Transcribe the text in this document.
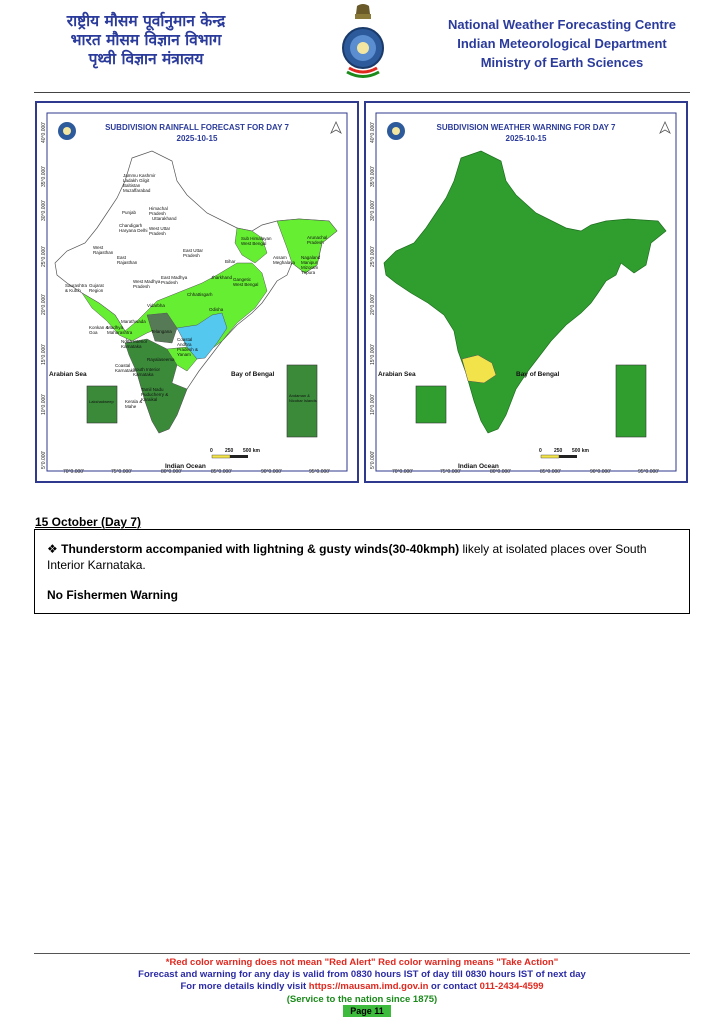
राष्ट्रीय मौसम पूर्वानुमान केन्द्र
भारत मौसम विज्ञान विभाग
पृथ्वी विज्ञान मंत्रालय
National Weather Forecasting Centre
Indian Meteorological Department
Ministry of Earth Sciences
SUBDIVISION RAINFALL FORECAST FOR DAY 7
2025-10-15
Arabian Sea	Bay of Bengal
Indian Ocean
Lakshadweep
Andaman & Nicobar Islands
Jammu Kashmir Ladakh Gilgit Baltistan Muzaffarabad
Himachal Pradesh
Punjab
Uttarakhand
Chandigarh Haryana Delhi West Uttar Pradesh
East Uttar Pradesh
West Rajasthan
East Rajasthan	Bihar
Sub Himalayan West Bengal
Arunachal Pradesh
Assam Meghalaya
Nagaland Manipur Mizoram Tripura
Gangetic West Bengal
Jharkhand
Odisha
Chhattisgarh
West Madhya Pradesh
East Madhya Pradesh
Gujarat Region
Saurashtra & Kutch
Vidarbha
Marathwada
Madhya Maharashtra
Konkan & Goa	Telangana
Coastal Andhra Pradesh & Yanam
North Interior Karnataka
Rayalaseema
Coastal Karnataka
South Interior Karnataka
Kerala & Mahe
Tamil Nadu Puducherry & Karaikal
0 250 500 km
5°0.000'
10°0.000'
15°0.000'
20°0.000'
25°0.000'
30°0.000'
35°0.000'
40°0.000'
70°0.000'	75°0.000'	80°0.000'	85°0.000'	90°0.000'	95°0.000'
SUBDIVISION WEATHER WARNING FOR DAY 7
2025-10-15
Arabian Sea	Bay of Bengal
Indian Ocean
0 250 500 km
5°0.000'
10°0.000'
15°0.000'
20°0.000'
25°0.000'
30°0.000'
35°0.000'
40°0.000'
70°0.000'	75°0.000'	80°0.000'	85°0.000'	90°0.000'	95°0.000'
15 October (Day 7)
❖ Thunderstorm accompanied with lightning & gusty winds(30-40kmph) likely at isolated places over South Interior Karnataka.
No Fishermen Warning
*Red color warning does not mean "Red Alert" Red color warning means "Take Action"
Forecast and warning for any day is valid from 0830 hours IST of day till 0830 hours IST of next day
For more details kindly visit https://mausam.imd.gov.in or contact 011-2434-4599
(Service to the nation since 1875)
Page 11
